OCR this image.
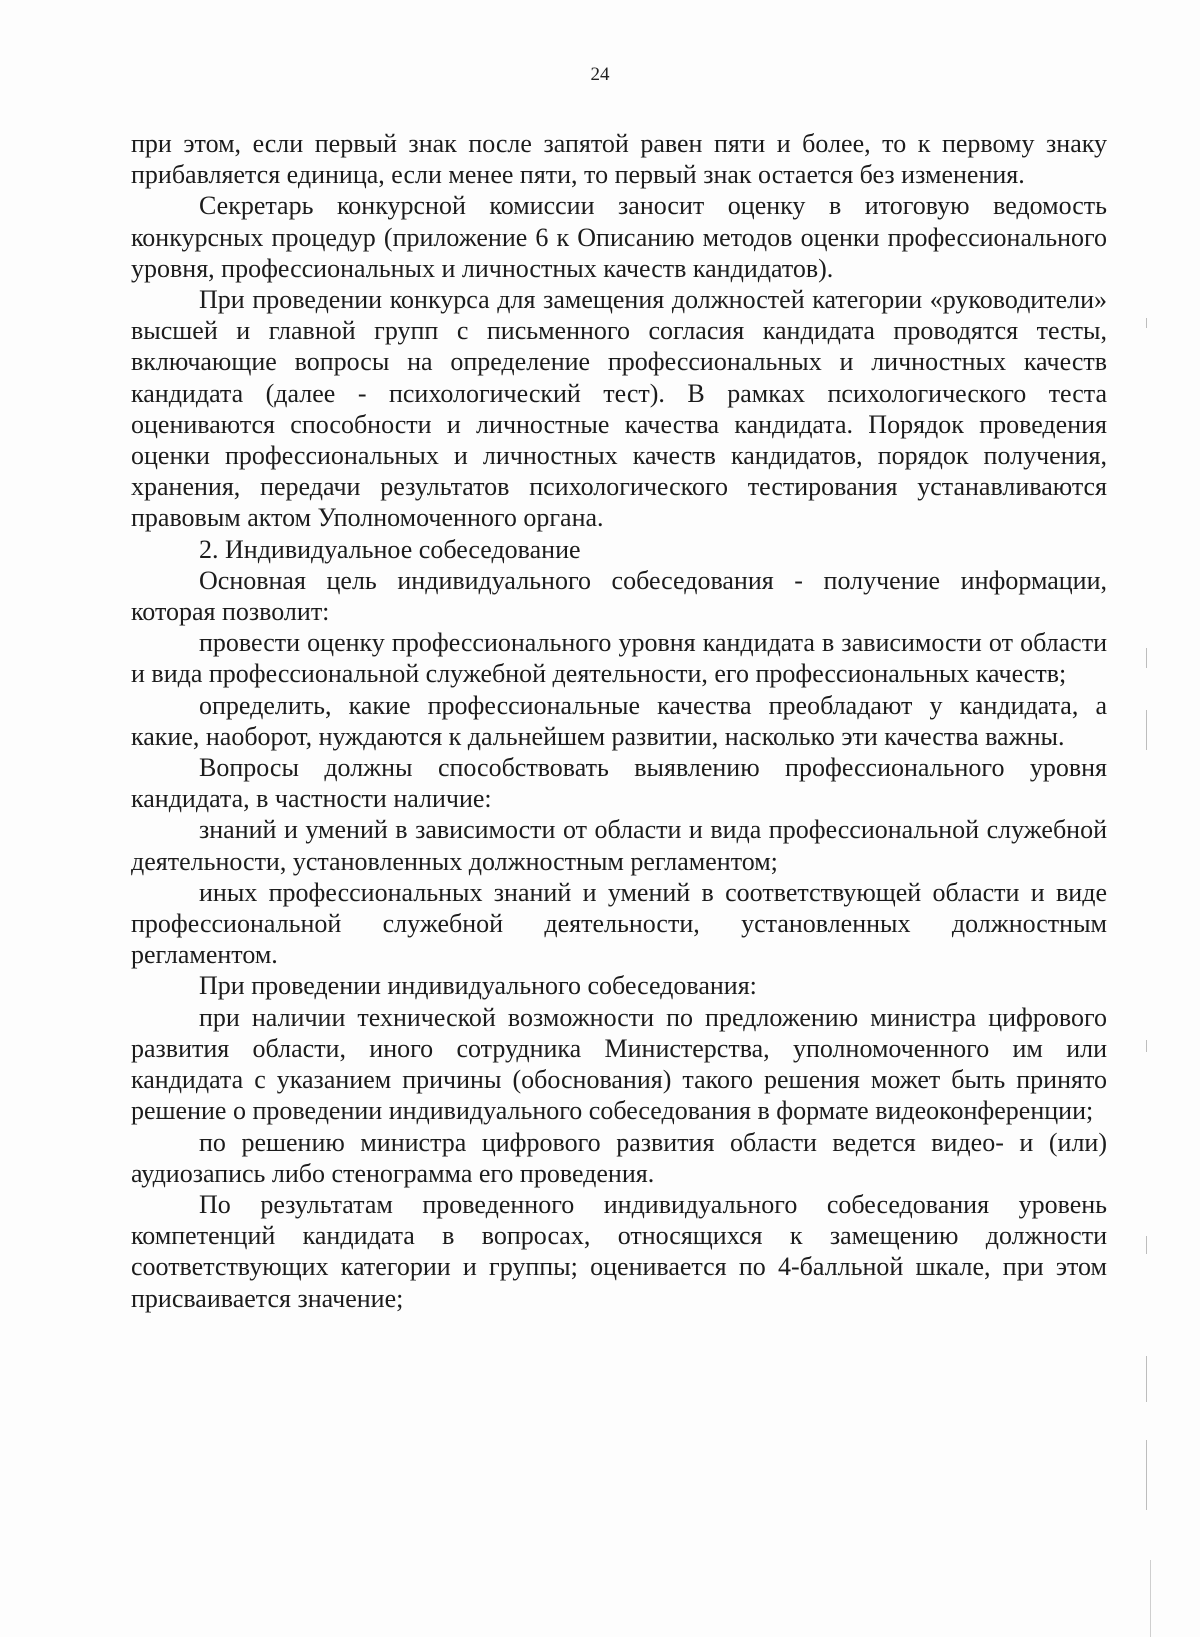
24

при этом, если первый знак после запятой равен пяти и более, то к первому знаку прибавляется единица, если менее пяти, то первый знак остается без изменения.

Секретарь конкурсной комиссии заносит оценку в итоговую ведомость конкурсных процедур (приложение 6 к Описанию методов оценки профессионального уровня, профессиональных и личностных качеств кандидатов).

При проведении конкурса для замещения должностей категории «руководители» высшей и главной групп с письменного согласия кандидата проводятся тесты, включающие вопросы на определение профессиональных и личностных качеств кандидата (далее - психологический тест). В рамках психологического теста оцениваются способности и личностные качества кандидата. Порядок проведения оценки профессиональных и личностных качеств кандидатов, порядок получения, хранения, передачи результатов психологического тестирования устанавливаются правовым актом Уполномоченного органа.

2. Индивидуальное собеседование

Основная цель индивидуального собеседования - получение информации, которая позволит:

провести оценку профессионального уровня кандидата в зависимости от области и вида профессиональной служебной деятельности, его профессиональных качеств;

определить, какие профессиональные качества преобладают у кандидата, а какие, наоборот, нуждаются к дальнейшем развитии, насколько эти качества важны.

Вопросы должны способствовать выявлению профессионального уровня кандидата, в частности наличие:

знаний и умений в зависимости от области и вида профессиональной служебной деятельности, установленных должностным регламентом;

иных профессиональных знаний и умений в соответствующей области и виде профессиональной служебной деятельности, установленных должностным регламентом.

При проведении индивидуального собеседования:

при наличии технической возможности по предложению министра цифрового развития области, иного сотрудника Министерства, уполномоченного им или кандидата с указанием причины (обоснования) такого решения может быть принято решение о проведении индивидуального собеседования в формате видеоконференции;

по решению министра цифрового развития области ведется видео- и (или) аудиозапись либо стенограмма его проведения.

По результатам проведенного индивидуального собеседования уровень компетенций кандидата в вопросах, относящихся к замещению должности соответствующих категории и группы; оценивается по 4-балльной шкале, при этом присваивается значение;
